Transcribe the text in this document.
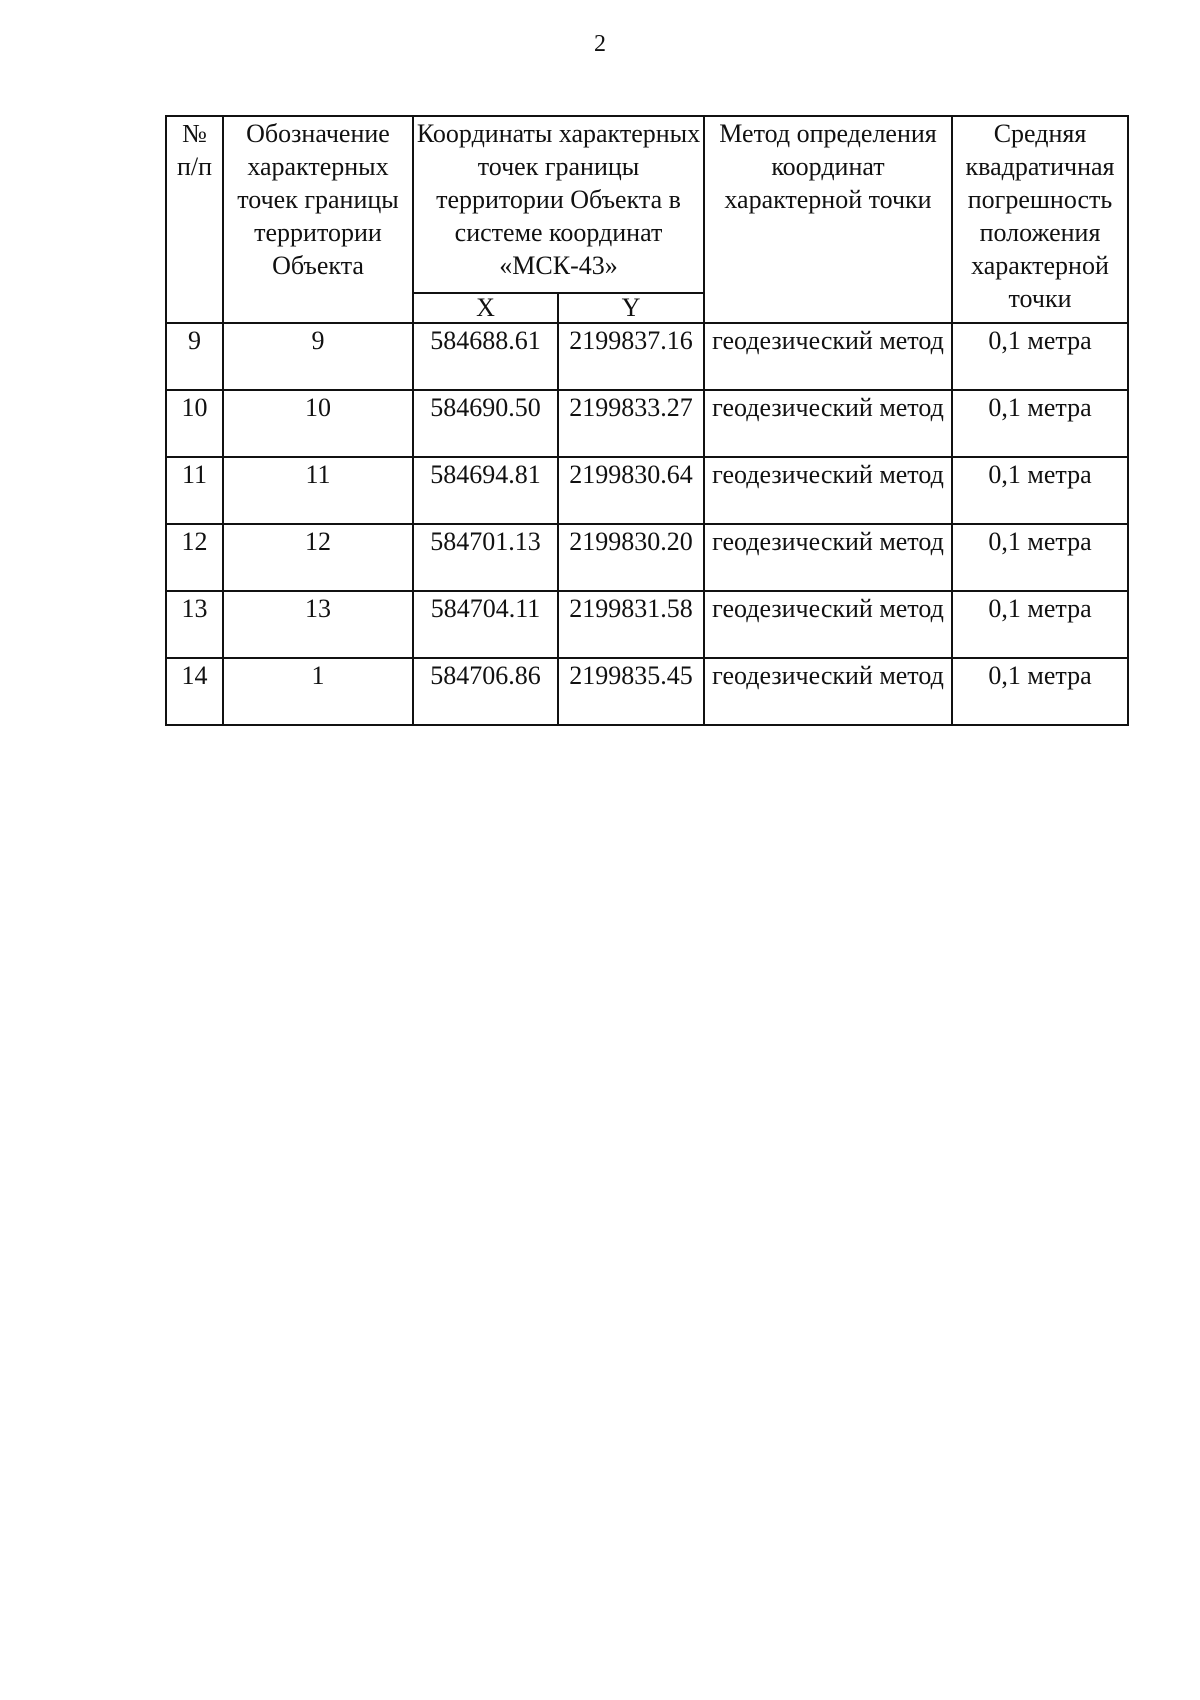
2
№ п/п	Обозначение характерных точек границы территории Объекта	Координаты характерных точек границы территории Объекта в системе координат «МСК-43»		Метод определения координат характерной точки	Средняя квадратичная погрешность положения характерной точки
		X	Y		
9	9	584688.61	2199837.16	геодезический метод	0,1 метра
10	10	584690.50	2199833.27	геодезический метод	0,1 метра
11	11	584694.81	2199830.64	геодезический метод	0,1 метра
12	12	584701.13	2199830.20	геодезический метод	0,1 метра
13	13	584704.11	2199831.58	геодезический метод	0,1 метра
14	1	584706.86	2199835.45	геодезический метод	0,1 метра
